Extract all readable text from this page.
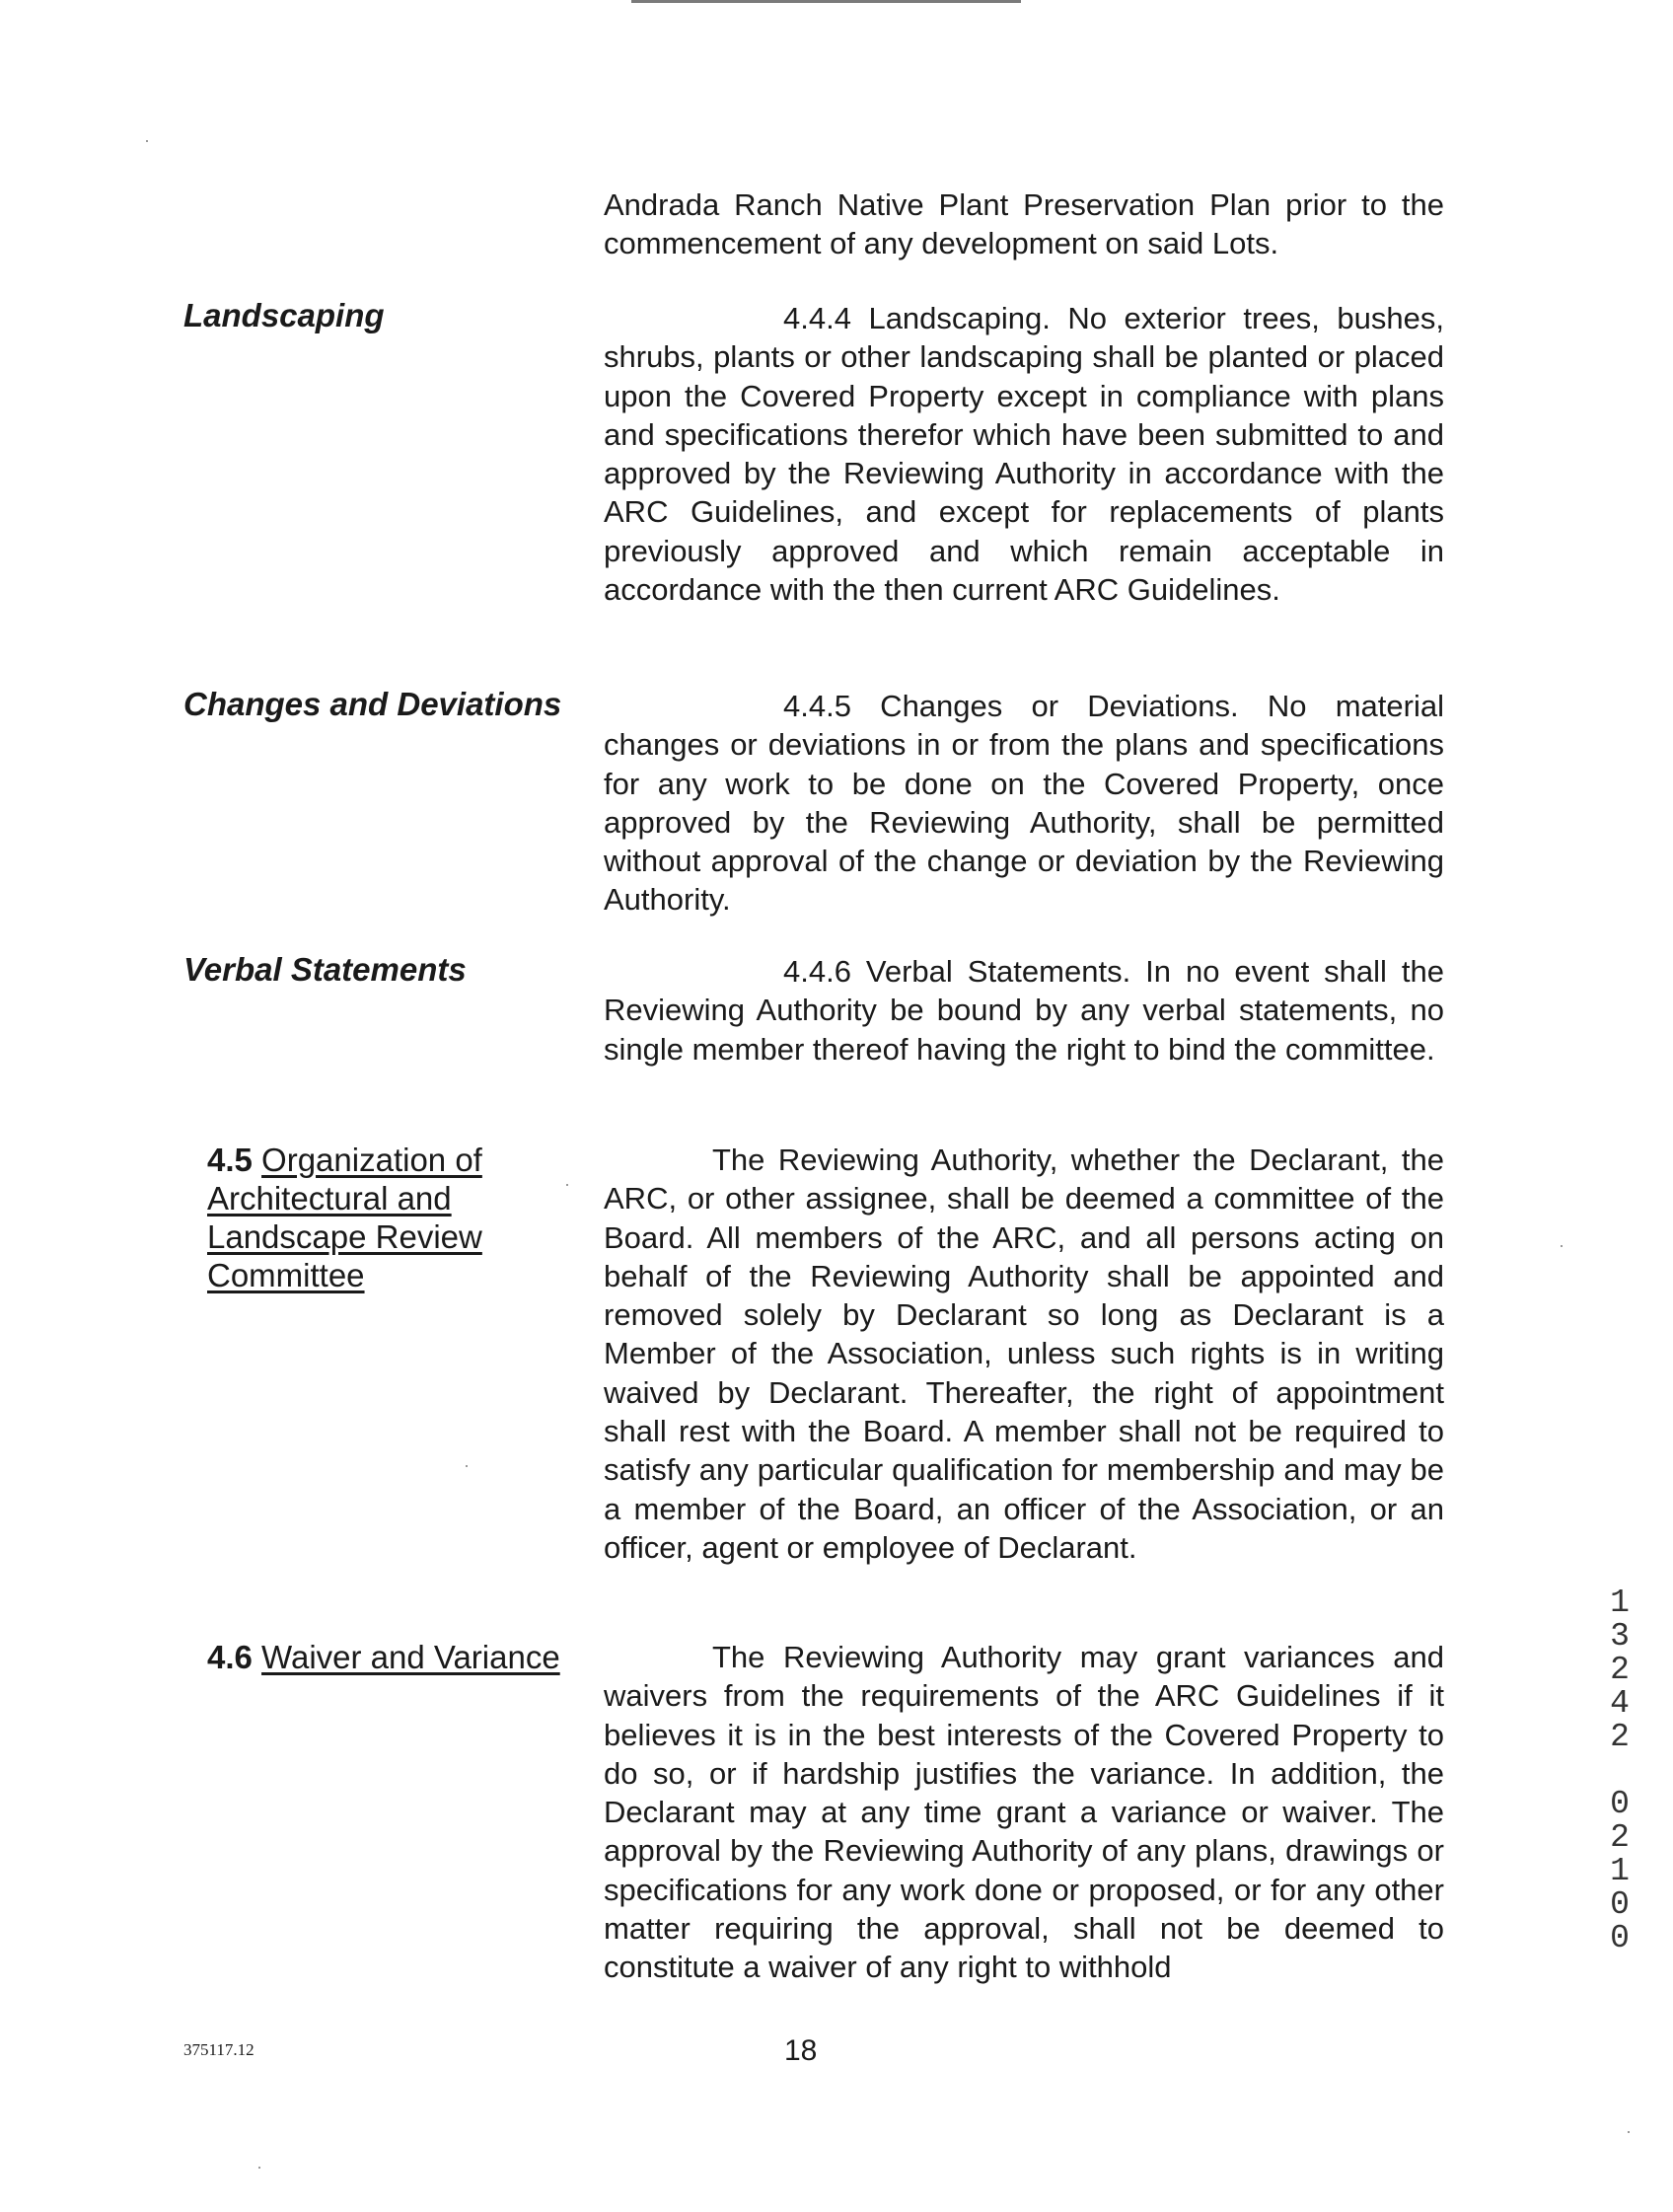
Landscaping
Changes and Deviations
Verbal Statements
4.5 Organization of Architectural and Landscape Review Committee
4.6 Waiver and Variance

Andrada Ranch Native Plant Preservation Plan prior to the commencement of any development on said Lots.

4.4.4 Landscaping. No exterior trees, bushes, shrubs, plants or other landscaping shall be planted or placed upon the Covered Property except in compliance with plans and specifications therefor which have been submitted to and approved by the Reviewing Authority in accordance with the ARC Guidelines, and except for replacements of plants previously approved and which remain acceptable in accordance with the then current ARC Guidelines.

4.4.5 Changes or Deviations. No material changes or deviations in or from the plans and specifications for any work to be done on the Covered Property, once approved by the Reviewing Authority, shall be permitted without approval of the change or deviation by the Reviewing Authority.

4.4.6 Verbal Statements. In no event shall the Reviewing Authority be bound by any verbal statements, no single member thereof having the right to bind the committee.

The Reviewing Authority, whether the Declarant, the ARC, or other assignee, shall be deemed a committee of the Board. All members of the ARC, and all persons acting on behalf of the Reviewing Authority shall be appointed and removed solely by Declarant so long as Declarant is a Member of the Association, unless such rights is in writing waived by Declarant. Thereafter, the right of appointment shall rest with the Board. A member shall not be required to satisfy any particular qualification for membership and may be a member of the Board, an officer of the Association, or an officer, agent or employee of Declarant.

The Reviewing Authority may grant variances and waivers from the requirements of the ARC Guidelines if it believes it is in the best interests of the Covered Property to do so, or if hardship justifies the variance. In addition, the Declarant may at any time grant a variance or waiver. The approval by the Reviewing Authority of any plans, drawings or specifications for any work done or proposed, or for any other matter requiring the approval, shall not be deemed to constitute a waiver of any right to withhold

375117.12	18
1
3
2
4
2
0
2
1
0
0
